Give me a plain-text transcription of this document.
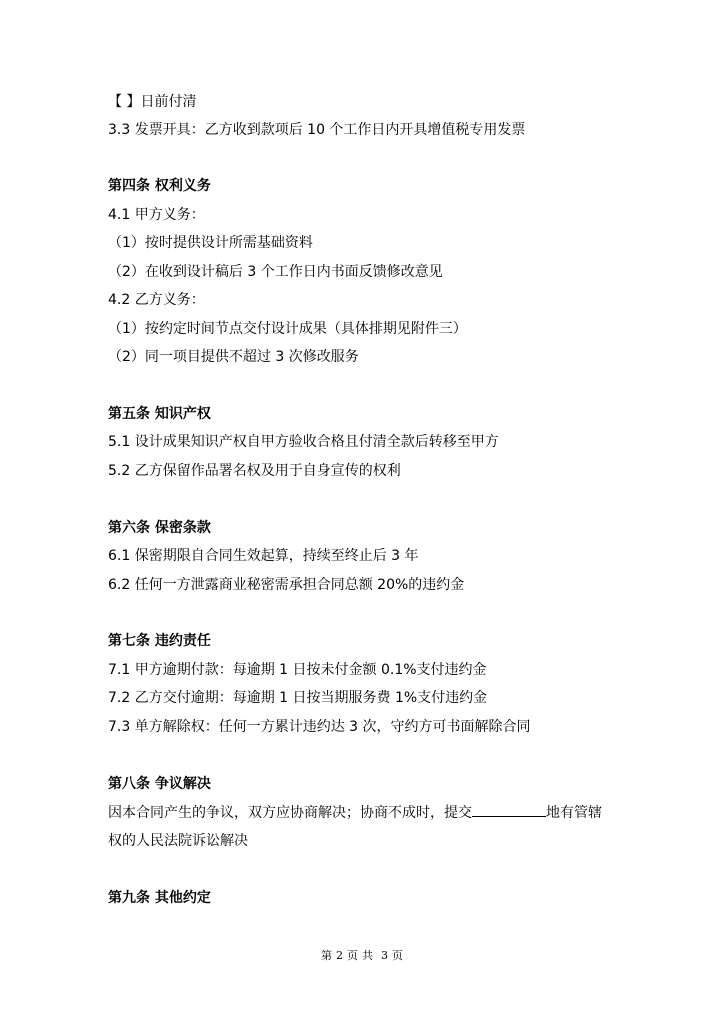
【 】日前付清
3.3 发票开具：乙方收到款项后 10 个工作日内开具增值税专用发票
第四条 权利义务
4.1 甲方义务：
（1）按时提供设计所需基础资料
（2）在收到设计稿后 3 个工作日内书面反馈修改意见
4.2 乙方义务：
（1）按约定时间节点交付设计成果（具体排期见附件三）
（2）同一项目提供不超过 3 次修改服务
第五条 知识产权
5.1 设计成果知识产权自甲方验收合格且付清全款后转移至甲方
5.2 乙方保留作品署名权及用于自身宣传的权利
第六条 保密条款
6.1 保密期限自合同生效起算，持续至终止后 3 年
6.2 任何一方泄露商业秘密需承担合同总额 20%的违约金
第七条 违约责任
7.1 甲方逾期付款：每逾期 1 日按未付金额 0.1%支付违约金
7.2 乙方交付逾期：每逾期 1 日按当期服务费 1%支付违约金
7.3 单方解除权：任何一方累计违约达 3 次，守约方可书面解除合同
第八条 争议解决
因本合同产生的争议，双方应协商解决；协商不成时，提交	地有管辖
权的人民法院诉讼解决
第九条 其他约定
第 2 页 共 3 页
